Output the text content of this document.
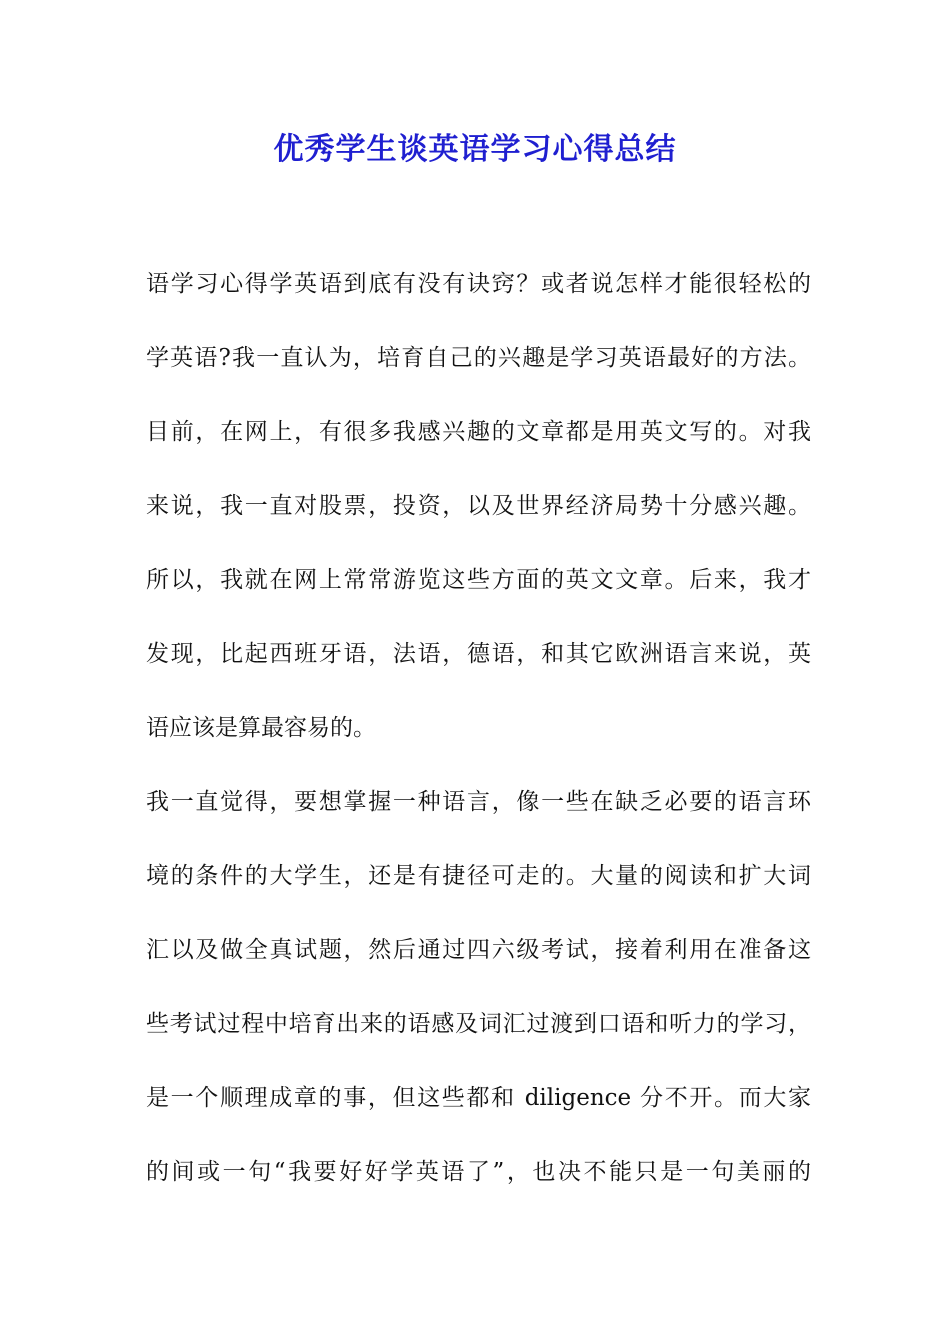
优秀学生谈英语学习心得总结
语学习心得学英语到底有没有诀窍？或者说怎样才能很轻松的
学英语?我一直认为，培育自己的兴趣是学习英语最好的方法。
目前，在网上，有很多我感兴趣的文章都是用英文写的。对我
来说，我一直对股票，投资，以及世界经济局势十分感兴趣。
所以，我就在网上常常游览这些方面的英文文章。后来，我才
发现，比起西班牙语，法语，德语，和其它欧洲语言来说，英
语应该是算最容易的。
我一直觉得，要想掌握一种语言，像一些在缺乏必要的语言环
境的条件的大学生，还是有捷径可走的。大量的阅读和扩大词
汇以及做全真试题，然后通过四六级考试，接着利用在准备这
些考试过程中培育出来的语感及词汇过渡到口语和听力的学习，
是一个顺理成章的事，但这些都和 diligence 分不开。而大家
的间或一句“我要好好学英语了”，也决不能只是一句美丽的
